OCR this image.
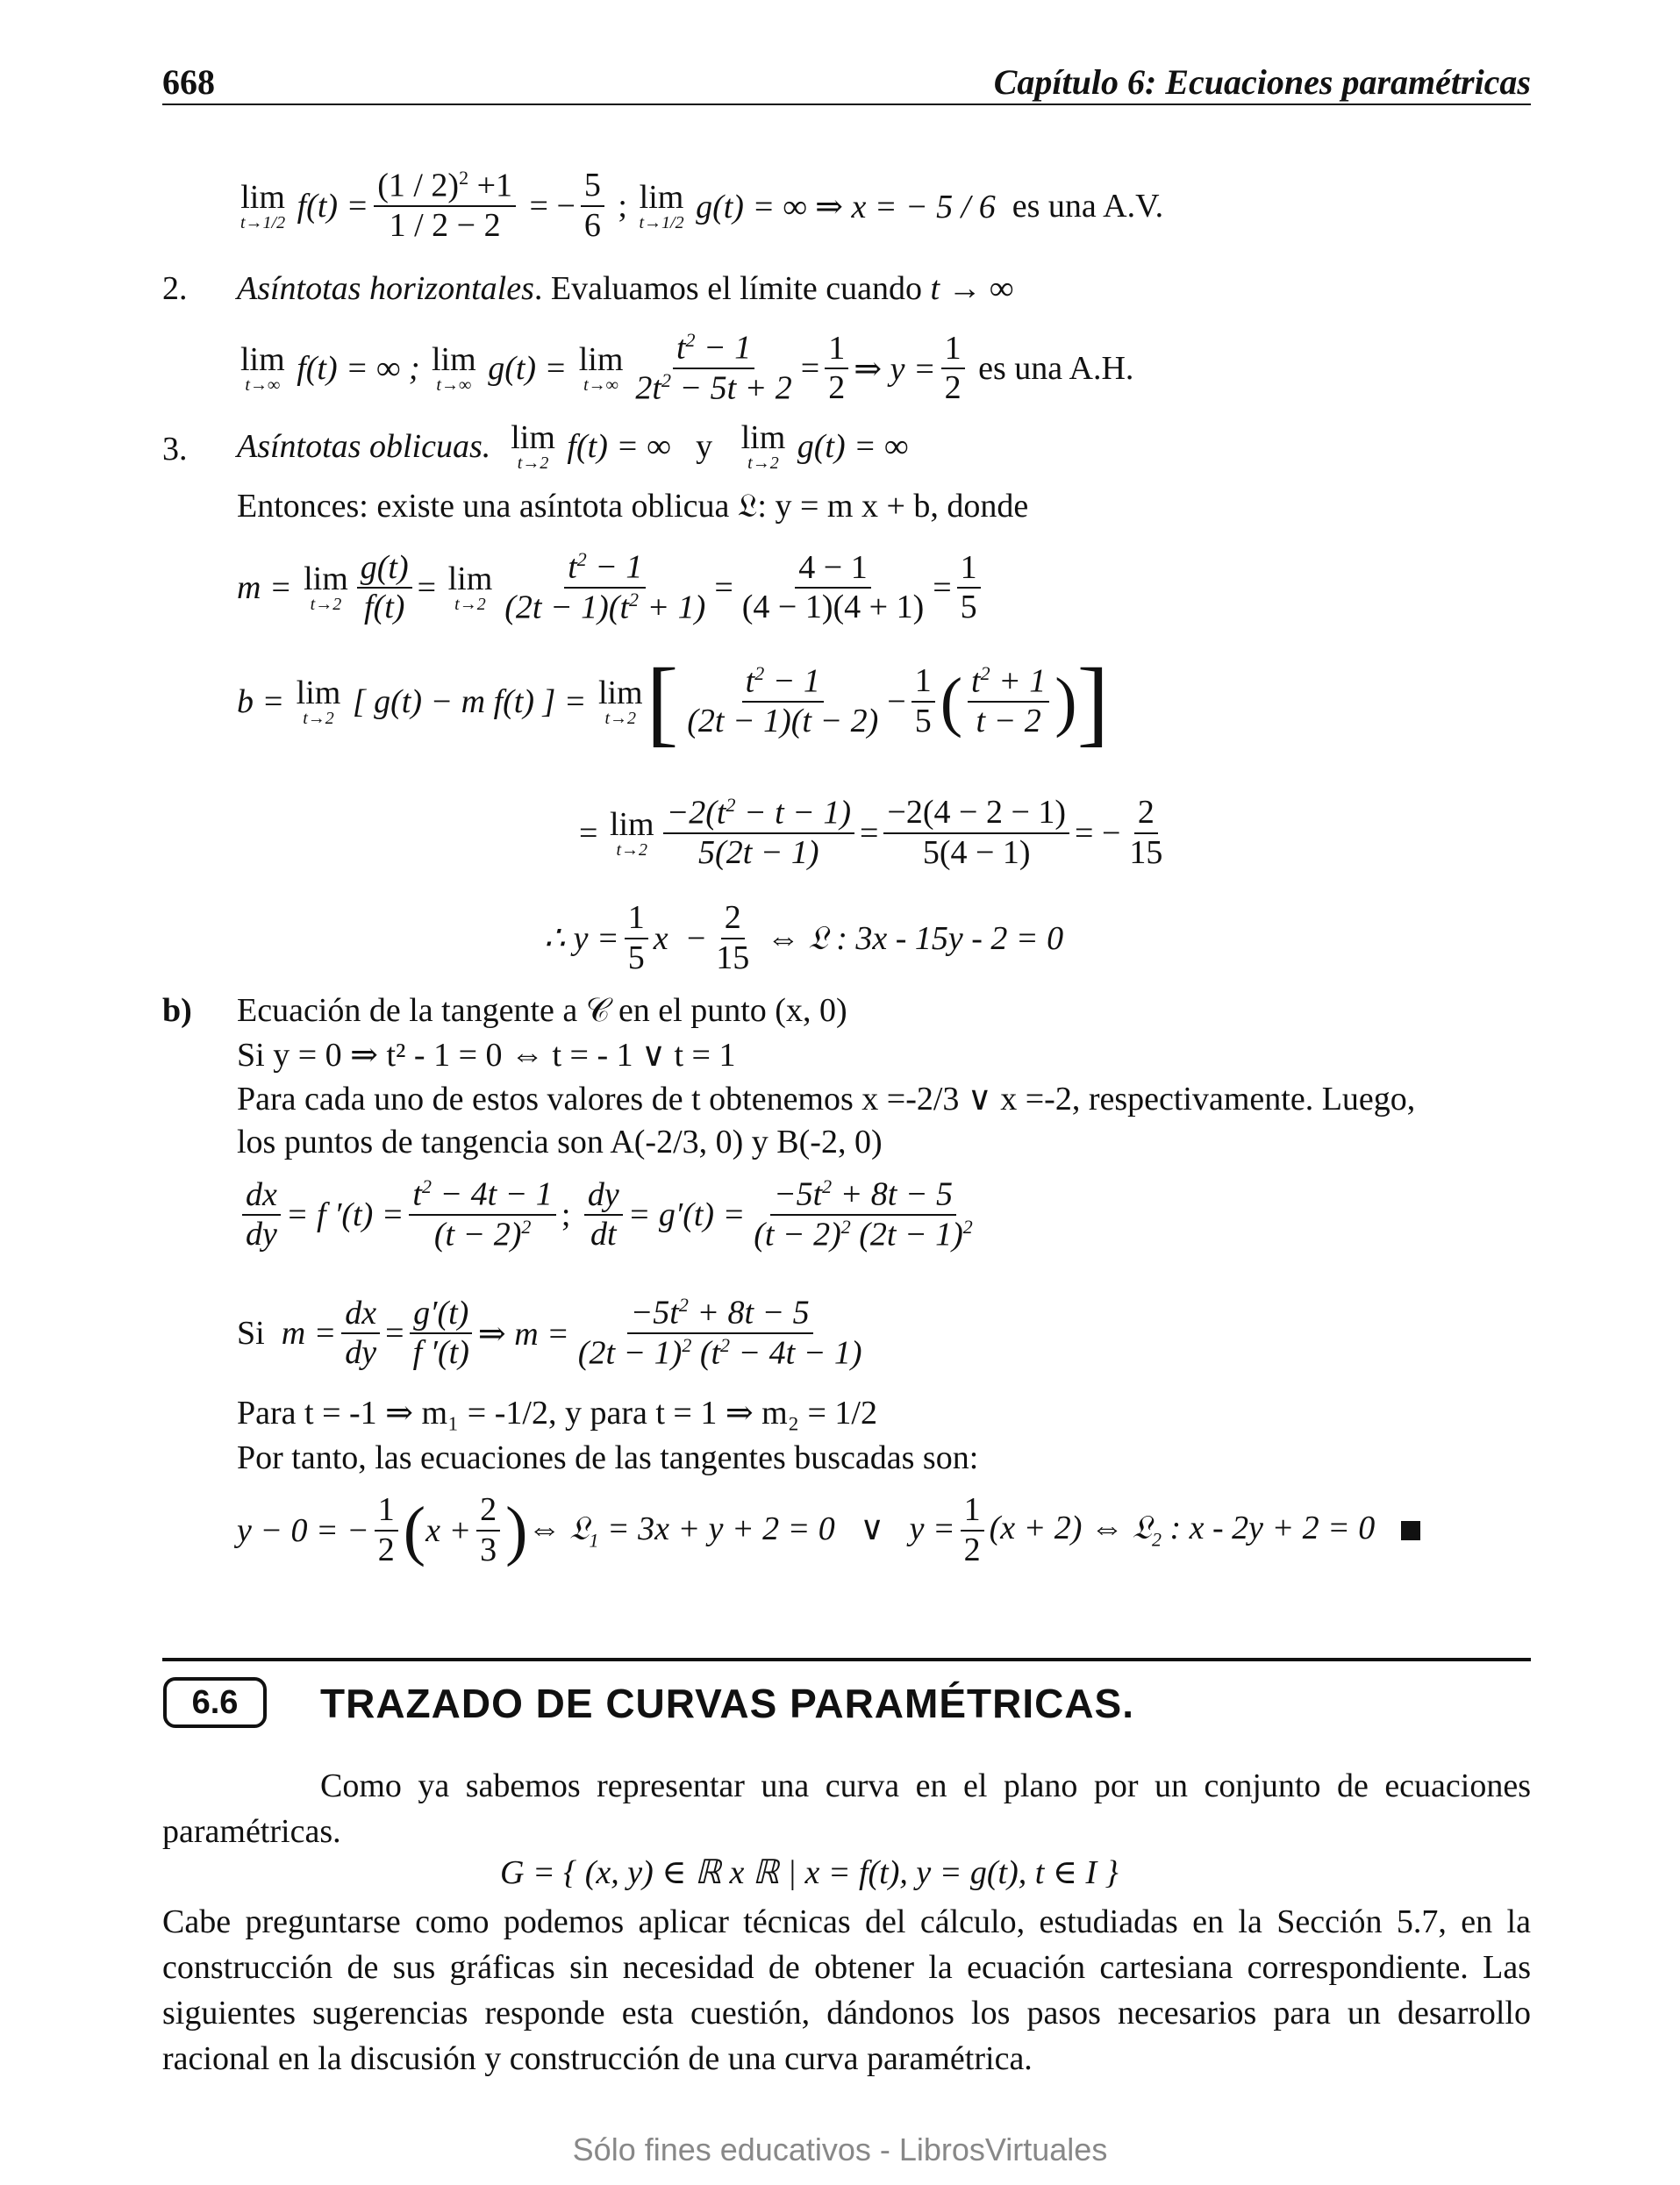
668	Capítulo 6: Ecuaciones paramétricas
lim
t→1/2 $f(t) = \frac{(1 / 2)^2 +1}{1 / 2 - 2}$ = − $\frac{5}{6}$ ; lim
t→1/2 g(t) = ∞ ⇒ x = − 5 / 6 es una A.V.
2. Asíntotas horizontales. Evaluamos el límite cuando t → ∞
lim
t→∞ f(t) = ∞ ; lim
t→∞ g(t) = lim
$t\to\infty \frac{t^2 - 1}{2t^2 - 5t + 2} = \frac{1}{2}$ ⇒ $y = \frac{1}{2}$
es una A.H.
3. Asíntotas oblicuas.
lim
t→2 f(t) = ∞ y
lim
t→2 g(t) = ∞
Entonces: existe una asíntota oblicua 𝔏: y = m x + b, donde
m = lim
$t\to 2 \frac{g(t)}{f(t)} = \lim$
$t\to 2 \frac{t^2 - 1}{(2t - 1)(t^2 + 1)} = \frac{4 - 1}{(4 - 1)(4 + 1)} = \frac{1}{5}$
b = lim
t→2 [ g(t) − m f(t) ] = lim
t→2 [ $\frac{t^2 - 1}{(2t - 1)(t - 2)} - \frac{1}{5}$ ( $\frac{t^2 + 1}{t - 2}$ ) ]
= lim
$t\to 2 \frac{-2(t^2 - t - 1)}{5(2t - 1)} = \frac{-2(4 - 2 - 1)}{5(4 - 1)}$ = − $\frac{2}{15}$
∴ $y = \frac{1}{5}$ $x - \frac{2}{15}$ ⇔ 𝔏 : 3x - 15y - 2 = 0
b) Ecuación de la tangente a 𝒞 en el punto (x, 0)
Si y = 0 ⇒ t² - 1 = 0 ⇔ t = - 1 ∨ t = 1
Para cada uno de estos valores de t obtenemos x =-2/3 ∨ x =-2, respectivamente. Luego,
los puntos de tangencia son A(-2/3, 0) y B(-2, 0)
$\frac{dx}{dy} = f$ $'(t) = \frac{t^2 - 4t - 1}{(t - 2)^2}$ ; $\frac{dy}{dt} = g'(t) = \frac{-5t^2 + 8t - 5}{(t - 2)^2 (2t - 1)^2}$
Si $m = \frac{dx}{dy} = \frac{g'(t)}{f '(t)}$ ⇒ $m = \frac{-5t^2 + 8t - 5}{(2t - 1)^2 (t^2 - 4t - 1)}$
Para t = -1 ⇒ m₁ = -1/2, y para t = 1 ⇒ m₂ = 1/2
Por tanto, las ecuaciones de las tangentes buscadas son:
y − 0 = − $\frac{1}{2}$ ( $x + \frac{2}{3}$ ) ⇔ 𝔏$_1$ = 3x + y + 2 = 0   ∨   $y = \frac{1}{2} (x + 2)$ ⇔ 𝔏$_2$ : x - 2y + 2 = 0
6.6 TRAZADO DE CURVAS PARAMÉTRICAS.
Como ya sabemos representar una curva en el plano por un conjunto de ecuaciones paramétricas.
G = { (x, y) ∈ ℝ x ℝ | x = f(t), y = g(t), t ∈ I }
Cabe preguntarse como podemos aplicar técnicas del cálculo, estudiadas en la Sección 5.7, en la construcción de sus gráficas sin necesidad de obtener la ecuación cartesiana correspondiente. Las siguientes sugerencias responde esta cuestión, dándonos los pasos necesarios para un desarrollo racional en la discusión y construcción de una curva paramétrica.
Sólo fines educativos - LibrosVirtuales
